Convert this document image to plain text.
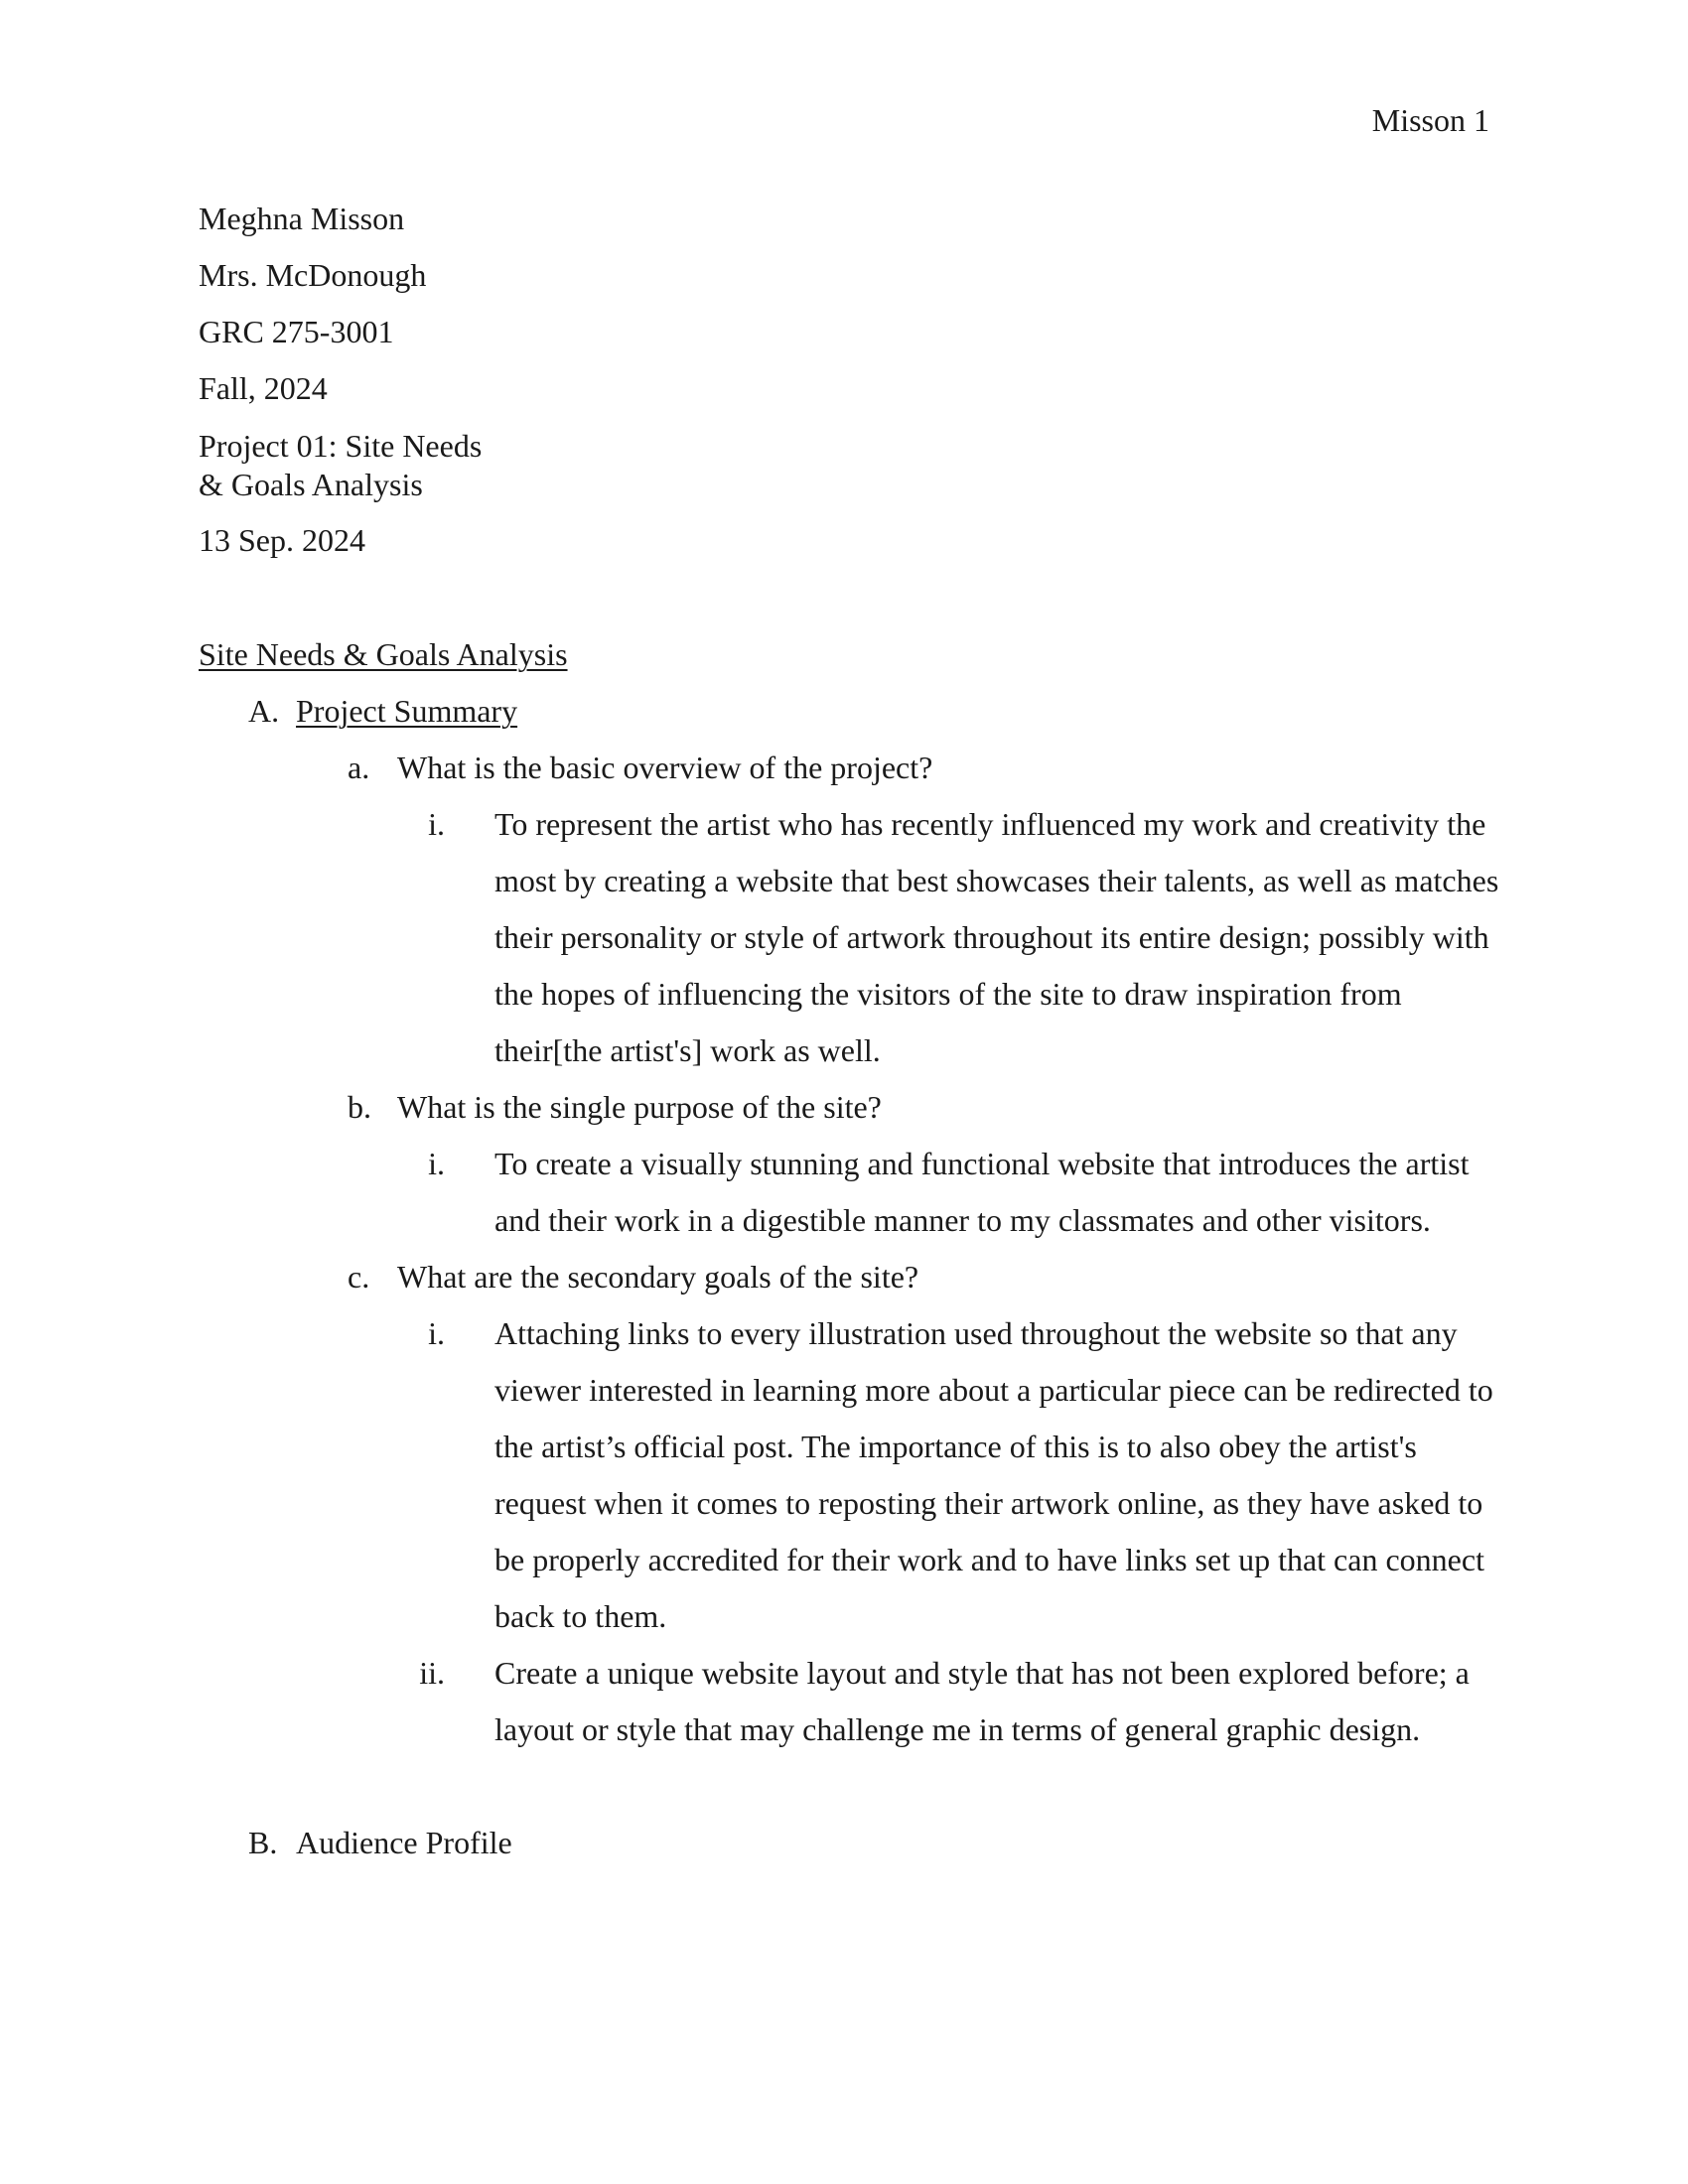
Misson 1
Meghna Misson
Mrs. McDonough
GRC 275-3001
Fall, 2024
Project 01: Site Needs
& Goals Analysis
13 Sep. 2024
Site Needs & Goals Analysis
A. Project Summary
a. What is the basic overview of the project?
i.	To represent the artist who has recently influenced my work and creativity the most by creating a website that best showcases their talents, as well as matches their personality or style of artwork throughout its entire design; possibly with the hopes of influencing the visitors of the site to draw inspiration from their[the artist's] work as well.
b. What is the single purpose of the site?
i.	To create a visually stunning and functional website that introduces the artist and their work in a digestible manner to my classmates and other visitors.
c. What are the secondary goals of the site?
i.	Attaching links to every illustration used throughout the website so that any viewer interested in learning more about a particular piece can be redirected to the artist’s official post. The importance of this is to also obey the artist's request when it comes to reposting their artwork online, as they have asked to be properly accredited for their work and to have links set up that can connect back to them.
ii.	Create a unique website layout and style that has not been explored before; a layout or style that may challenge me in terms of general graphic design.
B. Audience Profile
